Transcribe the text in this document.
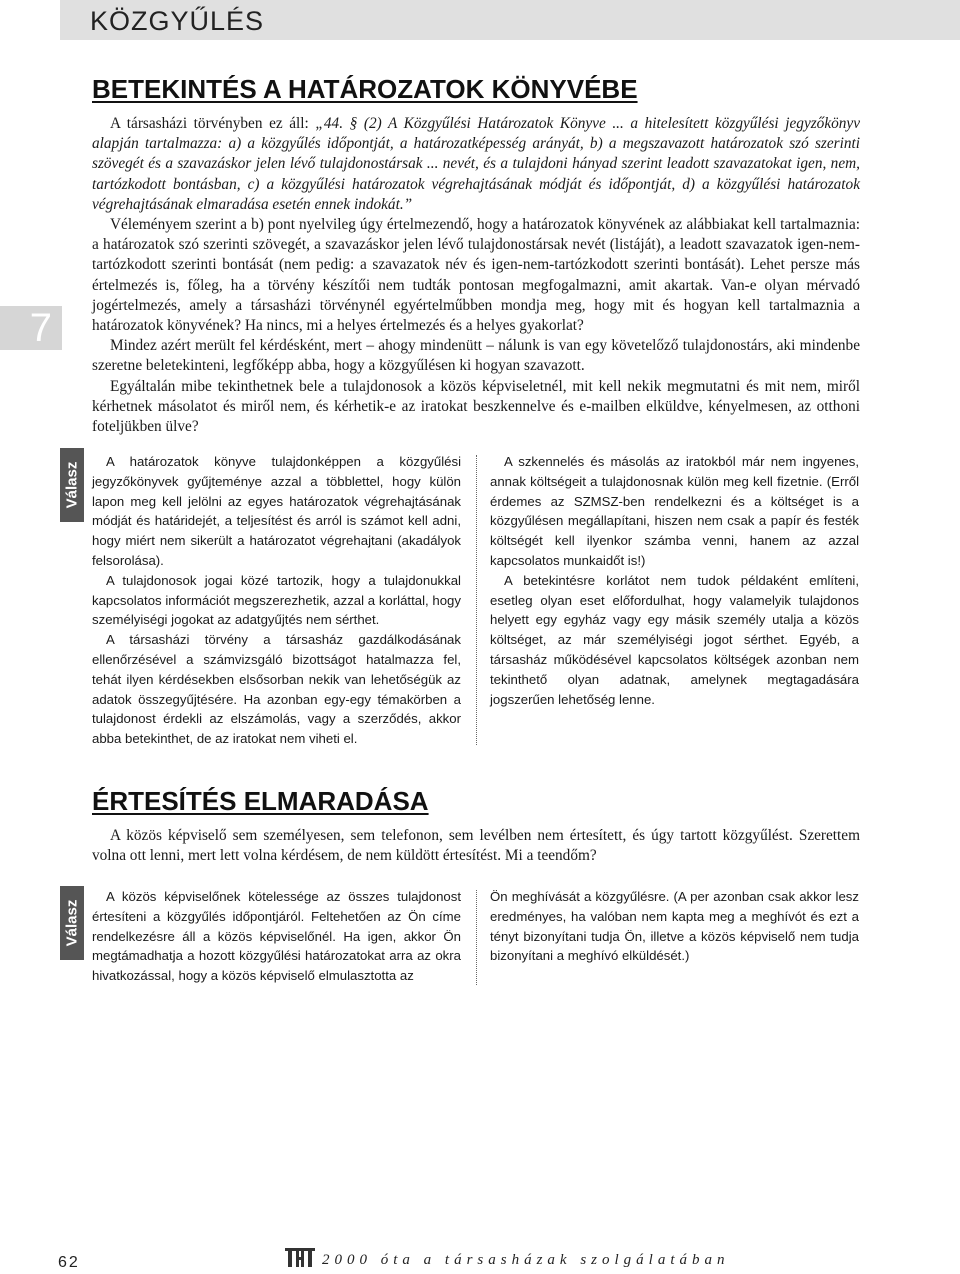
KÖZGYŰLÉS
7
BETEKINTÉS A HATÁROZATOK KÖNYVÉBE

A társasházi törvényben ez áll: „44. § (2) A Közgyűlési Határozatok Könyve ... a hitelesített közgyűlési jegyzőkönyv alapján tartalmazza: a) a közgyűlés időpontját, a határozatképesség arányát, b) a megszavazott határozatok szó szerinti szövegét és a szavazáskor jelen lévő tulajdonostársak ... nevét, és a tulajdoni hányad szerint leadott szavazatokat igen, nem, tartózkodott bontásban, c) a közgyűlési határozatok végrehajtásának módját és időpontját, d) a közgyűlési határozatok végrehajtásának elmaradása esetén ennek indokát.”

Véleményem szerint a b) pont nyelvileg úgy értelmezendő, hogy a határozatok könyvének az alábbiakat kell tartalmaznia: a határozatok szó szerinti szövegét, a szavazáskor jelen lévő tulajdonostársak nevét (listáját), a leadott szavazatok igen-nem-tartózkodott szerinti bontását (nem pedig: a szavazatok név és igen-nem-tartózkodott szerinti bontását). Lehet persze más értelmezés is, főleg, ha a törvény készítői nem tudták pontosan megfogalmazni, amit akartak. Van-e olyan mérvadó jogértelmezés, amely a társasházi törvénynél egyértelműbben mondja meg, hogy mit és hogyan kell tartalmaznia a határozatok könyvének? Ha nincs, mi a helyes értelmezés és a helyes gyakorlat?

Mindez azért merült fel kérdésként, mert – ahogy mindenütt – nálunk is van egy követelőző tulajdonostárs, aki mindenbe szeretne beletekinteni, legfőképp abba, hogy a közgyűlésen ki hogyan szavazott.

Egyáltalán mibe tekinthetnek bele a tulajdonosok a közös képviseletnél, mit kell nekik megmutatni és mit nem, miről kérhetnek másolatot és miről nem, és kérhetik-e az iratokat beszkennelve és e-mailben elküldve, kényelmesen, az otthoni foteljükben ülve?

Válasz

A határozatok könyve tulajdonképpen a közgyűlési jegyzőkönyvek gyűjteménye azzal a többlettel, hogy külön lapon meg kell jelölni az egyes határozatok végrehajtásának módját és határidejét, a teljesítést és arról is számot kell adni, hogy miért nem sikerült a határozatot végrehajtani (akadályok felsorolása).

A tulajdonosok jogai közé tartozik, hogy a tulajdonukkal kapcsolatos információt megszerezhetik, azzal a korláttal, hogy személyiségi jogokat az adatgyűjtés nem sérthet.

A társasházi törvény a társasház gazdálkodásának ellenőrzésével a számvizsgáló bizottságot hatalmazza fel, tehát ilyen kérdésekben elsősorban nekik van lehetőségük az adatok összegyűjtésére. Ha azonban egy-egy témakörben a tulajdonost érdekli az elszámolás, vagy a szerződés, akkor abba betekinthet, de az iratokat nem viheti el.

A szkennelés és másolás az iratokból már nem ingyenes, annak költségeit a tulajdonosnak külön meg kell fizetnie. (Erről érdemes az SZMSZ-ben rendelkezni és a költséget is a közgyűlésen megállapítani, hiszen nem csak a papír és festék költségét kell ilyenkor számba venni, hanem az azzal kapcsolatos munkaidőt is!)

A betekintésre korlátot nem tudok példaként említeni, esetleg olyan eset előfordulhat, hogy valamelyik tulajdonos helyett egy egyház vagy egy másik személy utalja a közös költséget, az már személyiségi jogot sérthet. Egyéb, a társasház működésével kapcsolatos költségek azonban nem tekinthető olyan adatnak, amelynek megtagadására jogszerűen lehetőség lenne.

ÉRTESÍTÉS ELMARADÁSA

A közös képviselő sem személyesen, sem telefonon, sem levélben nem értesített, és úgy tartott közgyűlést. Szerettem volna ott lenni, mert lett volna kérdésem, de nem küldött értesítést. Mi a teendőm?

Válasz

A közös képviselőnek kötelessége az összes tulajdonost értesíteni a közgyűlés időpontjáról. Feltehetően az Ön címe rendelkezésre áll a közös képviselőnél. Ha igen, akkor Ön megtámadhatja a hozott közgyűlési határozatokat arra az okra hivatkozással, hogy a közös képviselő elmulasztotta az

Ön meghívását a közgyűlésre. (A per azonban csak akkor lesz eredményes, ha valóban nem kapta meg a meghívót és ezt a tényt bizonyítani tudja Ön, illetve a közös képviselő nem tudja bizonyítani a meghívó elküldését.)

62	2000 óta a társasházak szolgálatában
